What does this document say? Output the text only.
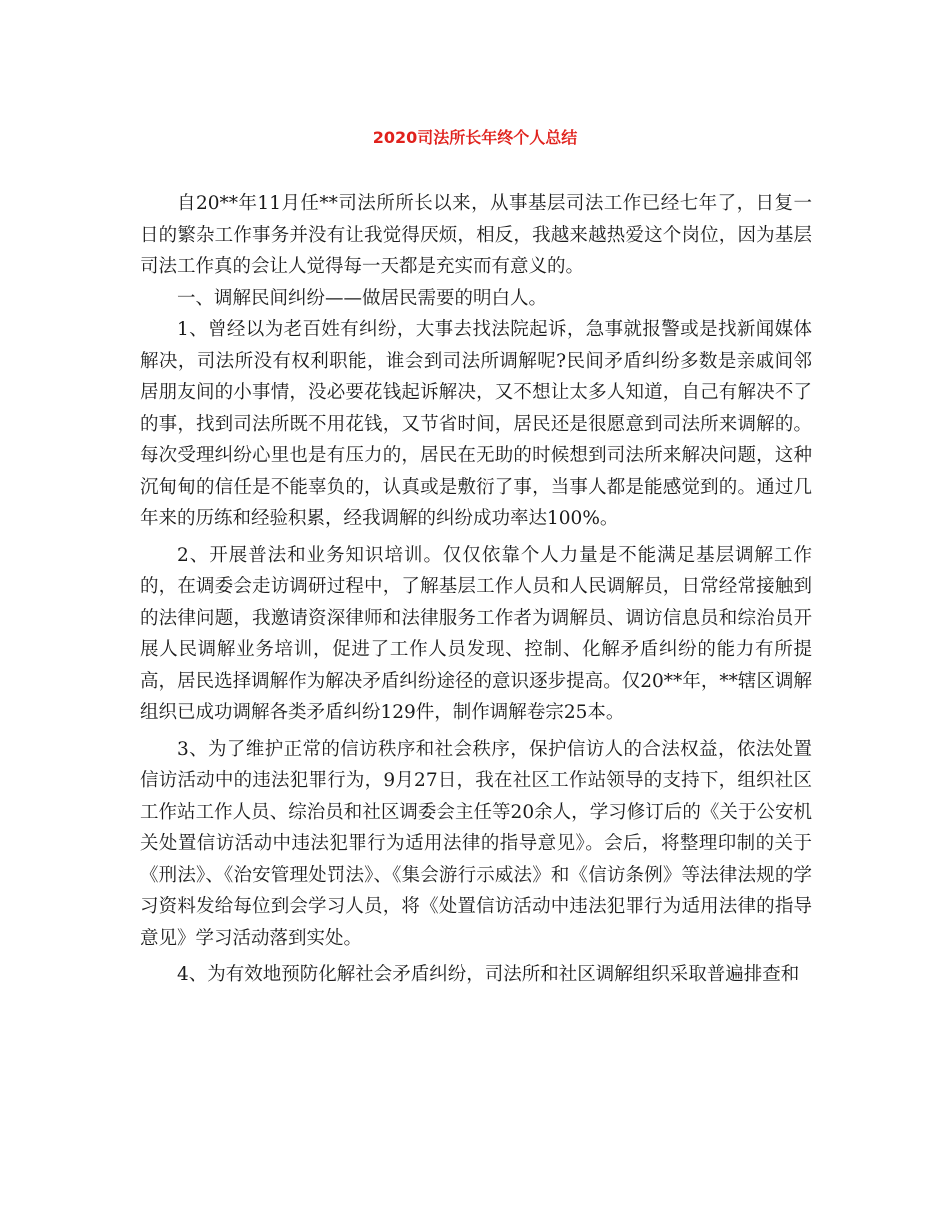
2020司法所长年终个人总结

自20**年11月任**司法所所长以来，从事基层司法工作已经七年了，日复一日的繁杂工作事务并没有让我觉得厌烦，相反，我越来越热爱这个岗位，因为基层司法工作真的会让人觉得每一天都是充实而有意义的。

一、调解民间纠纷——做居民需要的明白人。

1、曾经以为老百姓有纠纷，大事去找法院起诉，急事就报警或是找新闻媒体解决，司法所没有权利职能，谁会到司法所调解呢?民间矛盾纠纷多数是亲戚间邻居朋友间的小事情，没必要花钱起诉解决，又不想让太多人知道，自己有解决不了的事，找到司法所既不用花钱，又节省时间，居民还是很愿意到司法所来调解的。每次受理纠纷心里也是有压力的，居民在无助的时候想到司法所来解决问题，这种沉甸甸的信任是不能辜负的，认真或是敷衍了事，当事人都是能感觉到的。通过几年来的历练和经验积累，经我调解的纠纷成功率达100%。

2、开展普法和业务知识培训。仅仅依靠个人力量是不能满足基层调解工作的，在调委会走访调研过程中，了解基层工作人员和人民调解员，日常经常接触到的法律问题，我邀请资深律师和法律服务工作者为调解员、调访信息员和综治员开展人民调解业务培训，促进了工作人员发现、控制、化解矛盾纠纷的能力有所提高，居民选择调解作为解决矛盾纠纷途径的意识逐步提高。仅20**年，**辖区调解组织已成功调解各类矛盾纠纷129件，制作调解卷宗25本。

3、为了维护正常的信访秩序和社会秩序，保护信访人的合法权益，依法处置信访活动中的违法犯罪行为，9月27日，我在社区工作站领导的支持下，组织社区工作站工作人员、综治员和社区调委会主任等20余人，学习修订后的《关于公安机关处置信访活动中违法犯罪行为适用法律的指导意见》。会后，将整理印制的关于《刑法》、《治安管理处罚法》、《集会游行示威法》和《信访条例》等法律法规的学习资料发给每位到会学习人员，将《处置信访活动中违法犯罪行为适用法律的指导意见》学习活动落到实处。

4、为有效地预防化解社会矛盾纠纷，司法所和社区调解组织采取普遍排查和
